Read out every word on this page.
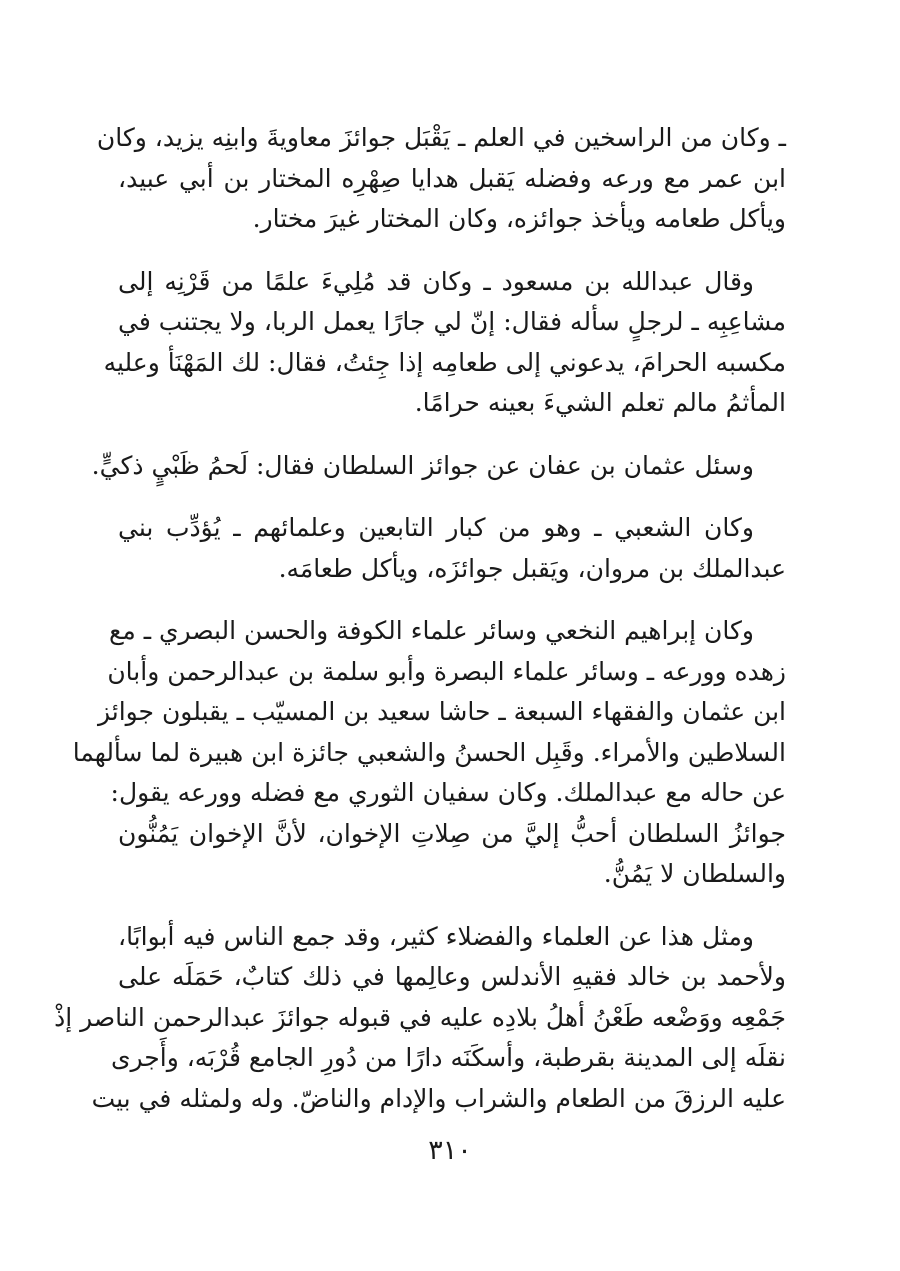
ـ وكان من الراسخين في العلم ـ يَقْبَل جوائزَ معاويةَ وابنِه يزيد، وكان
ابن عمر مع ورعه وفضله يَقبل هدايا صِهْرِه المختار بن أبي عبيد،
ويأكل طعامه ويأخذ جوائزه، وكان المختار غيرَ مختار.

وقال عبدالله بن مسعود ـ وكان قد مُلِيءَ علمًا من قَرْنِه إلى
مشاعِبِه ـ لرجلٍ سأله فقال: إنّ لي جارًا يعمل الربا، ولا يجتنب في
مكسبه الحرامَ، يدعوني إلى طعامِه إذا جِئتُ، فقال: لك المَهْنَأ وعليه
المأثمُ مالم تعلم الشيءَ بعينه حرامًا.

وسئل عثمان بن عفان عن جوائز السلطان فقال: لَحمُ ظَبْيٍ ذكيٍّ.

وكان الشعبي ـ وهو من كبار التابعين وعلمائهم ـ يُؤدِّب بني
عبدالملك بن مروان، ويَقبل جوائزَه، ويأكل طعامَه.

وكان إبراهيم النخعي وسائر علماء الكوفة والحسن البصري ـ مع
زهده وورعه ـ وسائر علماء البصرة وأبو سلمة بن عبدالرحمن وأبان
ابن عثمان والفقهاء السبعة ـ حاشا سعيد بن المسيّب ـ يقبلون جوائز
السلاطين والأمراء. وقَبِل الحسنُ والشعبي جائزة ابن هبيرة لما سألهما
عن حاله مع عبدالملك. وكان سفيان الثوري مع فضله وورعه يقول:
جوائزُ السلطان أحبُّ إليَّ من صِلاتِ الإخوان، لأنَّ الإخوان يَمُنُّون
والسلطان لا يَمُنُّ.

ومثل هذا عن العلماء والفضلاء كثير، وقد جمع الناس فيه أبوابًا،
ولأحمد بن خالد فقيهِ الأندلس وعالِمها في ذلك كتابٌ، حَمَلَه على
جَمْعِه ووَضْعه طَعْنُ أهلُ بلادِه عليه في قبوله جوائزَ عبدالرحمن الناصر إذْ
نقلَه إلى المدينة بقرطبة، وأسكَنَه دارًا من دُورِ الجامع قُرْبَه، وأَجرى
عليه الرزقَ من الطعام والشراب والإدام والناضّ. وله ولمثله في بيت

٣١٠
